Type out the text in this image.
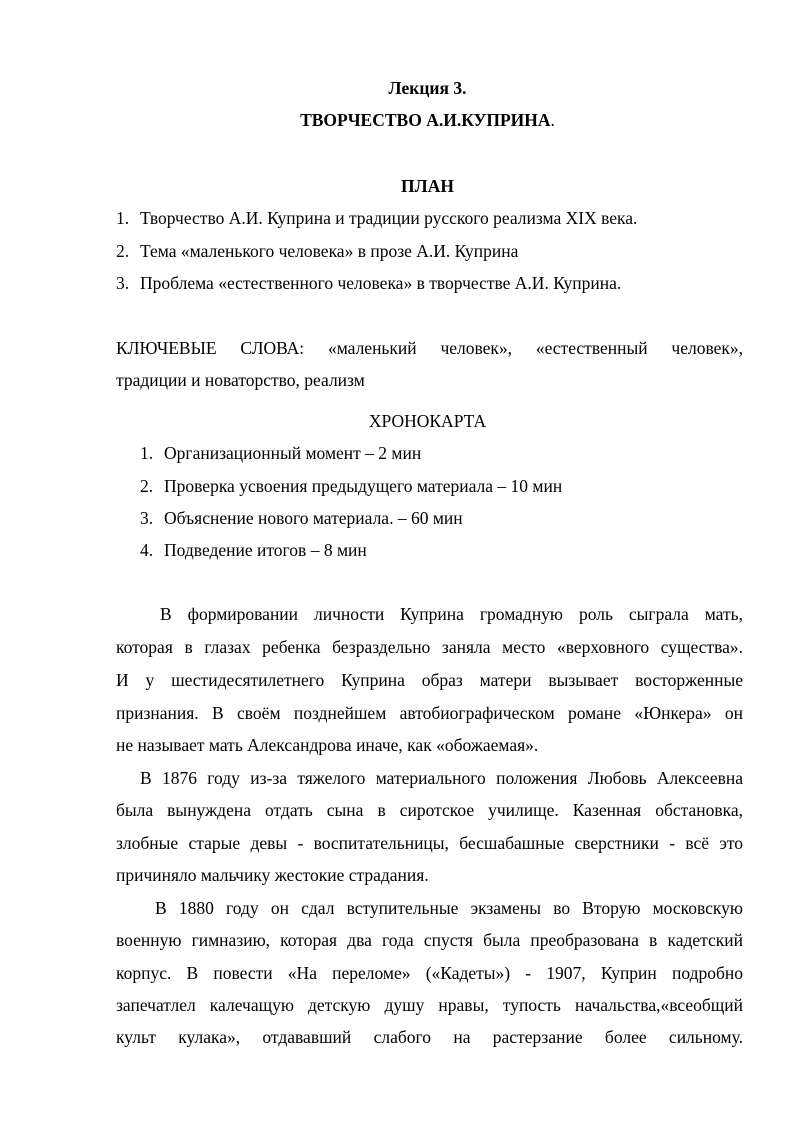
Лекция 3.
ТВОРЧЕСТВО А.И.КУПРИНА.
ПЛАН
1. Творчество А.И. Куприна и традиции русского реализма XIX века.
2. Тема «маленького человека» в прозе А.И. Куприна
3. Проблема «естественного человека» в творчестве А.И. Куприна.
КЛЮЧЕВЫЕ СЛОВА: «маленький человек», «естественный человек»,
традиции и новаторство, реализм
ХРОНОКАРТА
1. Организационный момент – 2 мин
2. Проверка усвоения предыдущего материала – 10 мин
3. Объяснение нового материала. – 60 мин
4. Подведение итогов – 8 мин
В формировании личности Куприна громадную роль сыграла мать,
которая в глазах ребенка безраздельно заняла место «верховного существа».
И у шестидесятилетнего Куприна образ матери вызывает восторженные
признания. В своём позднейшем автобиографическом романе «Юнкера» он
не называет мать Александрова иначе, как «обожаемая».
В 1876 году из-за тяжелого материального положения Любовь Алексеевна
была вынуждена отдать сына в сиротское училище. Казенная обстановка,
злобные старые девы - воспитательницы, бесшабашные сверстники - всё это
причиняло мальчику жестокие страдания.
В 1880 году он сдал вступительные экзамены во Вторую московскую
военную гимназию, которая два года спустя была преобразована в кадетский
корпус. В повести «На переломе» («Кадеты») - 1907, Куприн подробно
запечатлел калечащую детскую душу нравы, тупость начальства,«всеобщий
культ кулака», отдававший слабого на растерзание более сильному.
